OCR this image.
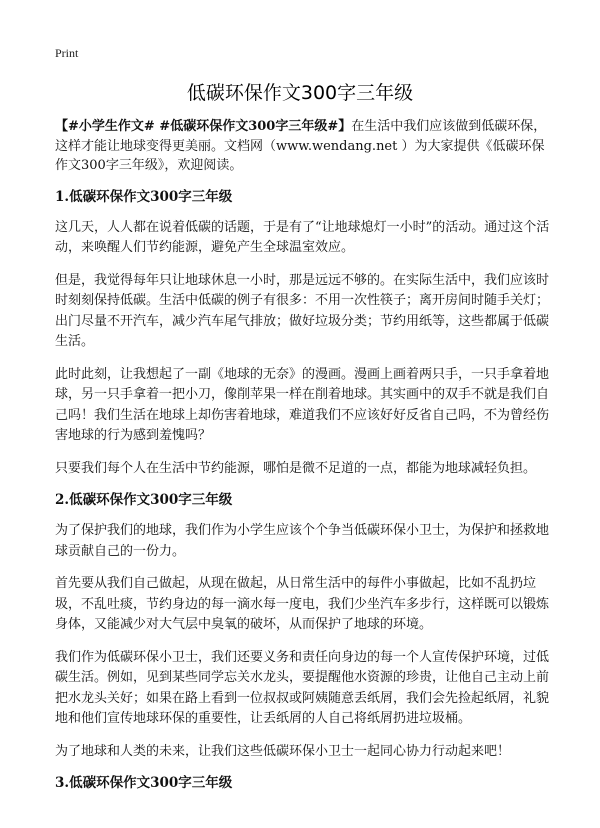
Print
低碳环保作文300字三年级

【#小学生作文# #低碳环保作文300字三年级#】在生活中我们应该做到低碳环保，这样才能让地球变得更美丽。文档网（www.wendang.net ）为大家提供《低碳环保作文300字三年级》，欢迎阅读。

1.低碳环保作文300字三年级

这几天，人人都在说着低碳的话题，于是有了“让地球熄灯一小时”的活动。通过这个活动，来唤醒人们节约能源，避免产生全球温室效应。

但是，我觉得每年只让地球休息一小时，那是远远不够的。在实际生活中，我们应该时时刻刻保持低碳。生活中低碳的例子有很多：不用一次性筷子；离开房间时随手关灯；出门尽量不开汽车，减少汽车尾气排放；做好垃圾分类；节约用纸等，这些都属于低碳生活。

此时此刻，让我想起了一副《地球的无奈》的漫画。漫画上画着两只手，一只手拿着地球，另一只手拿着一把小刀，像削苹果一样在削着地球。其实画中的双手不就是我们自己吗！我们生活在地球上却伤害着地球，难道我们不应该好好反省自己吗，不为曾经伤害地球的行为感到羞愧吗？

只要我们每个人在生活中节约能源，哪怕是微不足道的一点，都能为地球减轻负担。

2.低碳环保作文300字三年级

为了保护我们的地球，我们作为小学生应该个个争当低碳环保小卫士，为保护和拯救地球贡献自己的一份力。

首先要从我们自己做起，从现在做起，从日常生活中的每件小事做起，比如不乱扔垃圾，不乱吐痰，节约身边的每一滴水每一度电，我们少坐汽车多步行，这样既可以锻炼身体，又能减少对大气层中臭氧的破坏，从而保护了地球的环境。

我们作为低碳环保小卫士，我们还要义务和责任向身边的每一个人宣传保护环境，过低碳生活。例如，见到某些同学忘关水龙头，要提醒他水资源的珍贵，让他自己主动上前把水龙头关好；如果在路上看到一位叔叔或阿姨随意丢纸屑，我们会先捡起纸屑，礼貌地和他们宣传地球环保的重要性，让丢纸屑的人自己将纸屑扔进垃圾桶。

为了地球和人类的未来，让我们这些低碳环保小卫士一起同心协力行动起来吧！

3.低碳环保作文300字三年级
